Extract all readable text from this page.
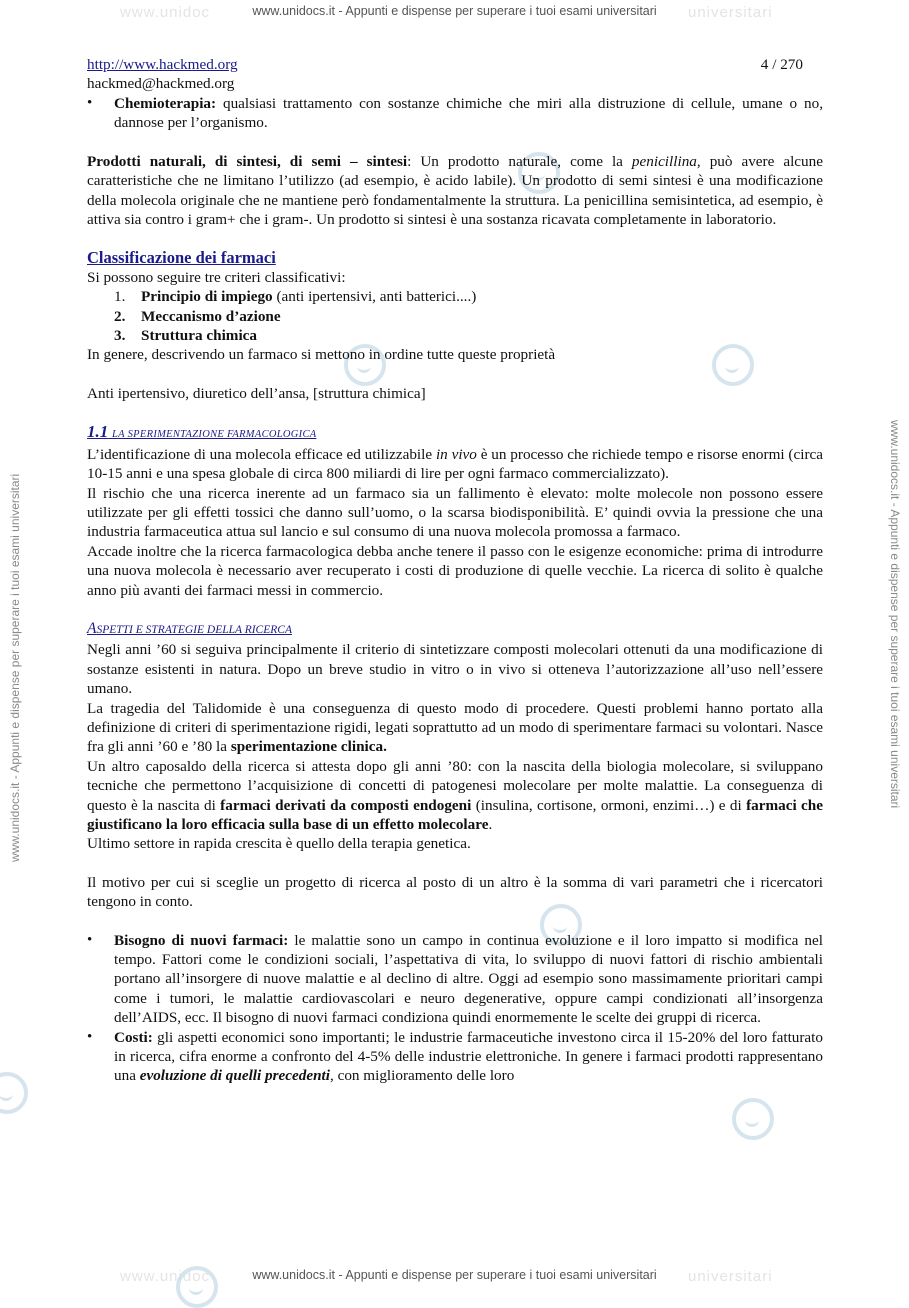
www.unidoc	universitari
www.unidocs.it - Appunti e dispense per superare i tuoi esami universitari
www.unidoc	universitari
www.unidocs.it - Appunti e dispense per superare i tuoi esami universitari
www.unidocs.it - Appunti e dispense per superare i tuoi esami universitari	www.unidocs.it - Appunti e dispense per superare i tuoi esami universitari
http://www.hackmed.org
hackmed@hackmed.org
4 / 270
• Chemioterapia: qualsiasi trattamento con sostanze chimiche che miri alla distruzione di cellule, umane o no, dannose per l’organismo.

Prodotti naturali, di sintesi, di semi – sintesi: Un prodotto naturale, come la penicillina, può avere alcune caratteristiche che ne limitano l’utilizzo (ad esempio, è acido labile). Un prodotto di semi sintesi è una modificazione della molecola originale che ne mantiene però fondamentalmente la struttura. La penicillina semisintetica, ad esempio, è attiva sia contro i gram+ che i gram-. Un prodotto si sintesi è una sostanza ricavata completamente in laboratorio.

Classificazione dei farmaci
Si possono seguire tre criteri classificativi:
1. Principio di impiego (anti ipertensivi, anti batterici....)
2. Meccanismo d’azione
3. Struttura chimica
In genere, descrivendo un farmaco si mettono in ordine tutte queste proprietà
Anti ipertensivo, diuretico dell’ansa, [struttura chimica]
1.1 LA SPERIMENTAZIONE FARMACOLOGICA

L’identificazione di una molecola efficace ed utilizzabile in vivo è un processo che richiede tempo e risorse enormi (circa 10-15 anni e una spesa globale di circa 800 miliardi di lire per ogni farmaco commercializzato).

Il rischio che una ricerca inerente ad un farmaco sia un fallimento è elevato: molte molecole non possono essere utilizzate per gli effetti tossici che danno sull’uomo, o la scarsa biodisponibilità. E’ quindi ovvia la pressione che una industria farmaceutica attua sul lancio e sul consumo di una nuova molecola promossa a farmaco.

Accade inoltre che la ricerca farmacologica debba anche tenere il passo con le esigenze economiche: prima di introdurre una nuova molecola è necessario aver recuperato i costi di produzione di quelle vecchie. La ricerca di solito è qualche anno più avanti dei farmaci messi in commercio.

ASPETTI E STRATEGIE DELLA RICERCA

Negli anni ’60 si seguiva principalmente il criterio di sintetizzare composti molecolari ottenuti da una modificazione di sostanze esistenti in natura. Dopo un breve studio in vitro o in vivo si otteneva l’autorizzazione all’uso nell’essere umano.

La tragedia del Talidomide è una conseguenza di questo modo di procedere. Questi problemi hanno portato alla definizione di criteri di sperimentazione rigidi, legati soprattutto ad un modo di sperimentare farmaci su volontari. Nasce fra gli anni ’60 e ’80 la sperimentazione clinica.

Un altro caposaldo della ricerca si attesta dopo gli anni ’80: con la nascita della biologia molecolare, si sviluppano tecniche che permettono l’acquisizione di concetti di patogenesi molecolare per molte malattie. La conseguenza di questo è la nascita di farmaci derivati da composti endogeni (insulina, cortisone, ormoni, enzimi…) e di farmaci che giustificano la loro efficacia sulla base di un effetto molecolare.

Ultimo settore in rapida crescita è quello della terapia genetica.

Il motivo per cui si sceglie un progetto di ricerca al posto di un altro è la somma di vari parametri che i ricercatori tengono in conto.

• Bisogno di nuovi farmaci: le malattie sono un campo in continua evoluzione e il loro impatto si modifica nel tempo. Fattori come le condizioni sociali, l’aspettativa di vita, lo sviluppo di nuovi fattori di rischio ambientali portano all’insorgere di nuove malattie e al declino di altre. Oggi ad esempio sono massimamente prioritari campi come i tumori, le malattie cardiovascolari e neuro degenerative, oppure campi condizionati all’insorgenza dell’AIDS, ecc. Il bisogno di nuovi farmaci condiziona quindi enormemente le scelte dei gruppi di ricerca.
• Costi: gli aspetti economici sono importanti; le industrie farmaceutiche investono circa il 15-20% del loro fatturato in ricerca, cifra enorme a confronto del 4-5% delle industrie elettroniche. In genere i farmaci prodotti rappresentano una evoluzione di quelli precedenti, con miglioramento delle loro
